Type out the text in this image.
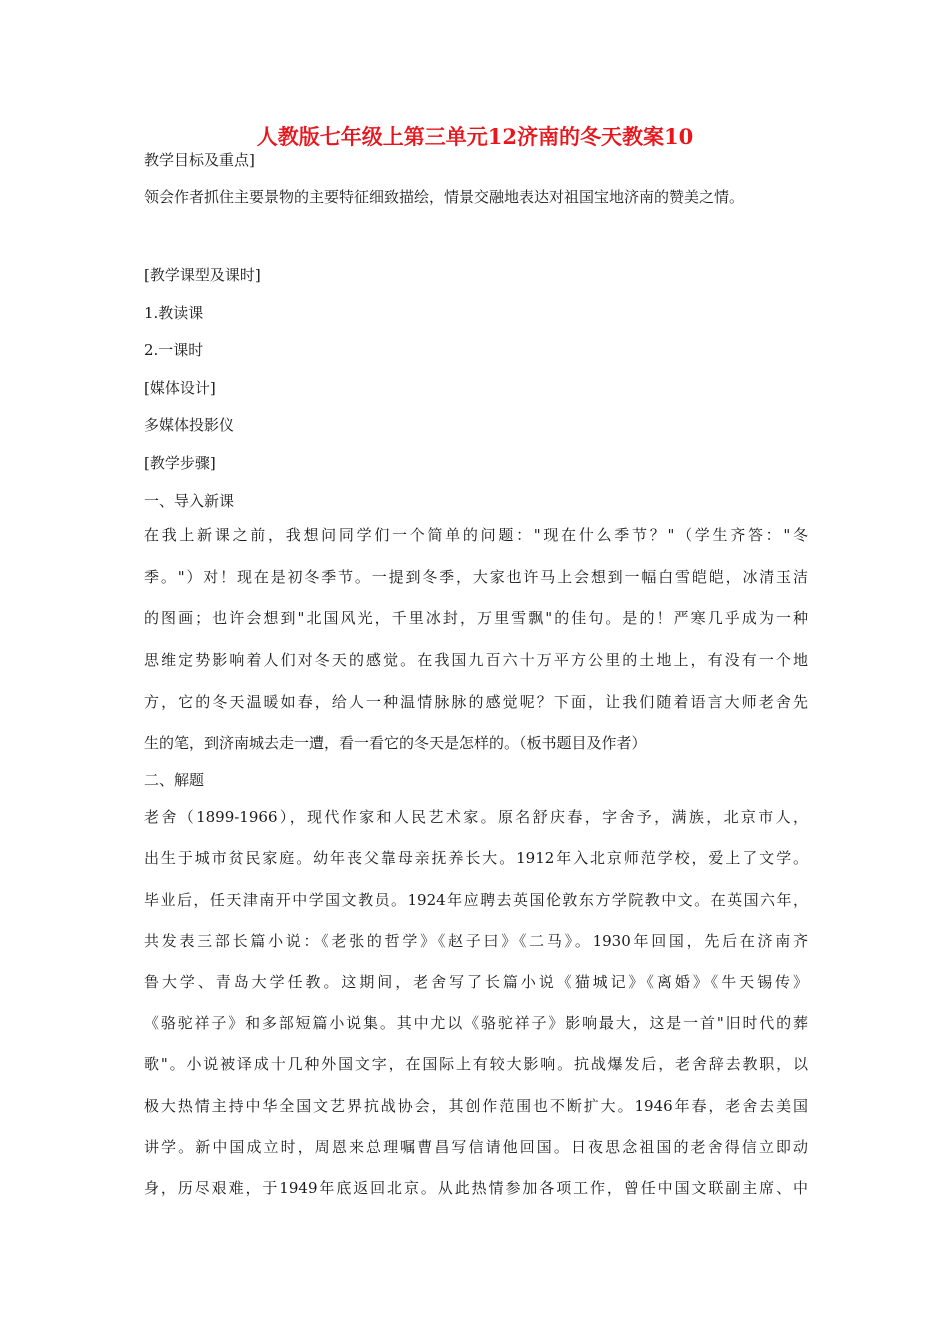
人教版七年级上第三单元12济南的冬天教案10
教学目标及重点]
领会作者抓住主要景物的主要特征细致描绘，情景交融地表达对祖国宝地济南的赞美之情。
[教学课型及课时]
1.教读课
2.一课时
[媒体设计]
多媒体投影仪
[教学步骤]
一、导入新课
在我上新课之前，我想问同学们一个简单的问题："现在什么季节？"（学生齐答："冬
季。"）对！现在是初冬季节。一提到冬季，大家也许马上会想到一幅白雪皑皑，冰清玉洁
的图画；也许会想到"北国风光，千里冰封，万里雪飘"的佳句。是的！严寒几乎成为一种
思维定势影响着人们对冬天的感觉。在我国九百六十万平方公里的土地上，有没有一个地
方，它的冬天温暖如春，给人一种温情脉脉的感觉呢？下面，让我们随着语言大师老舍先
生的笔，到济南城去走一遭，看一看它的冬天是怎样的。（板书题目及作者）
二、解题
老舍（1899-1966），现代作家和人民艺术家。原名舒庆春，字舍予，满族，北京市人，
出生于城市贫民家庭。幼年丧父靠母亲抚养长大。1912年入北京师范学校，爱上了文学。
毕业后，任天津南开中学国文教员。1924年应聘去英国伦敦东方学院教中文。在英国六年，
共发表三部长篇小说：《老张的哲学》《赵子曰》《二马》。1930年回国，先后在济南齐
鲁大学、青岛大学任教。这期间，老舍写了长篇小说《猫城记》《离婚》《牛天锡传》
《骆驼祥子》和多部短篇小说集。其中尤以《骆驼祥子》影响最大，这是一首"旧时代的葬
歌"。小说被译成十几种外国文字，在国际上有较大影响。抗战爆发后，老舍辞去教职，以
极大热情主持中华全国文艺界抗战协会，其创作范围也不断扩大。1946年春，老舍去美国
讲学。新中国成立时，周恩来总理嘱曹昌写信请他回国。日夜思念祖国的老舍得信立即动
身，历尽艰难，于1949年底返回北京。从此热情参加各项工作，曾任中国文联副主席、中
